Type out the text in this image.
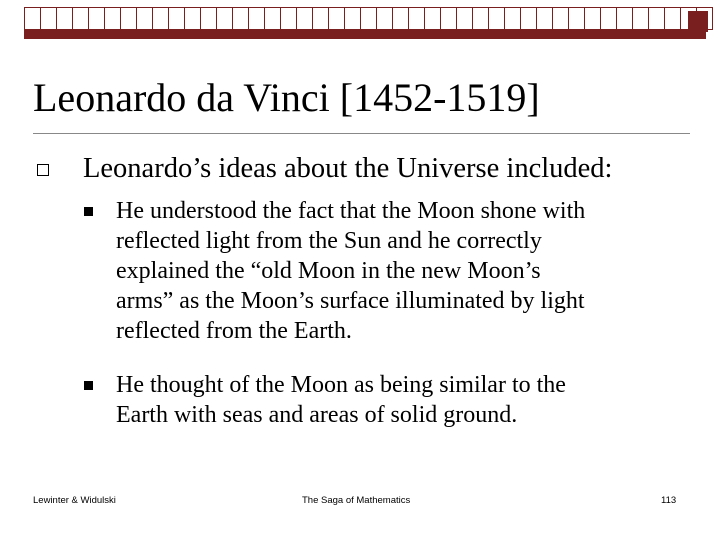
Leonardo da Vinci [1452-1519]
Leonardo’s ideas about the Universe included:
He understood the fact that the Moon shone with
reflected light from the Sun and he correctly
explained the “old Moon in the new Moon’s
arms” as the Moon’s surface illuminated by light
reflected from the Earth.
He thought of the Moon as being similar to the
Earth with seas and areas of solid ground.
Lewinter & Widulski	The Saga of Mathematics	113
